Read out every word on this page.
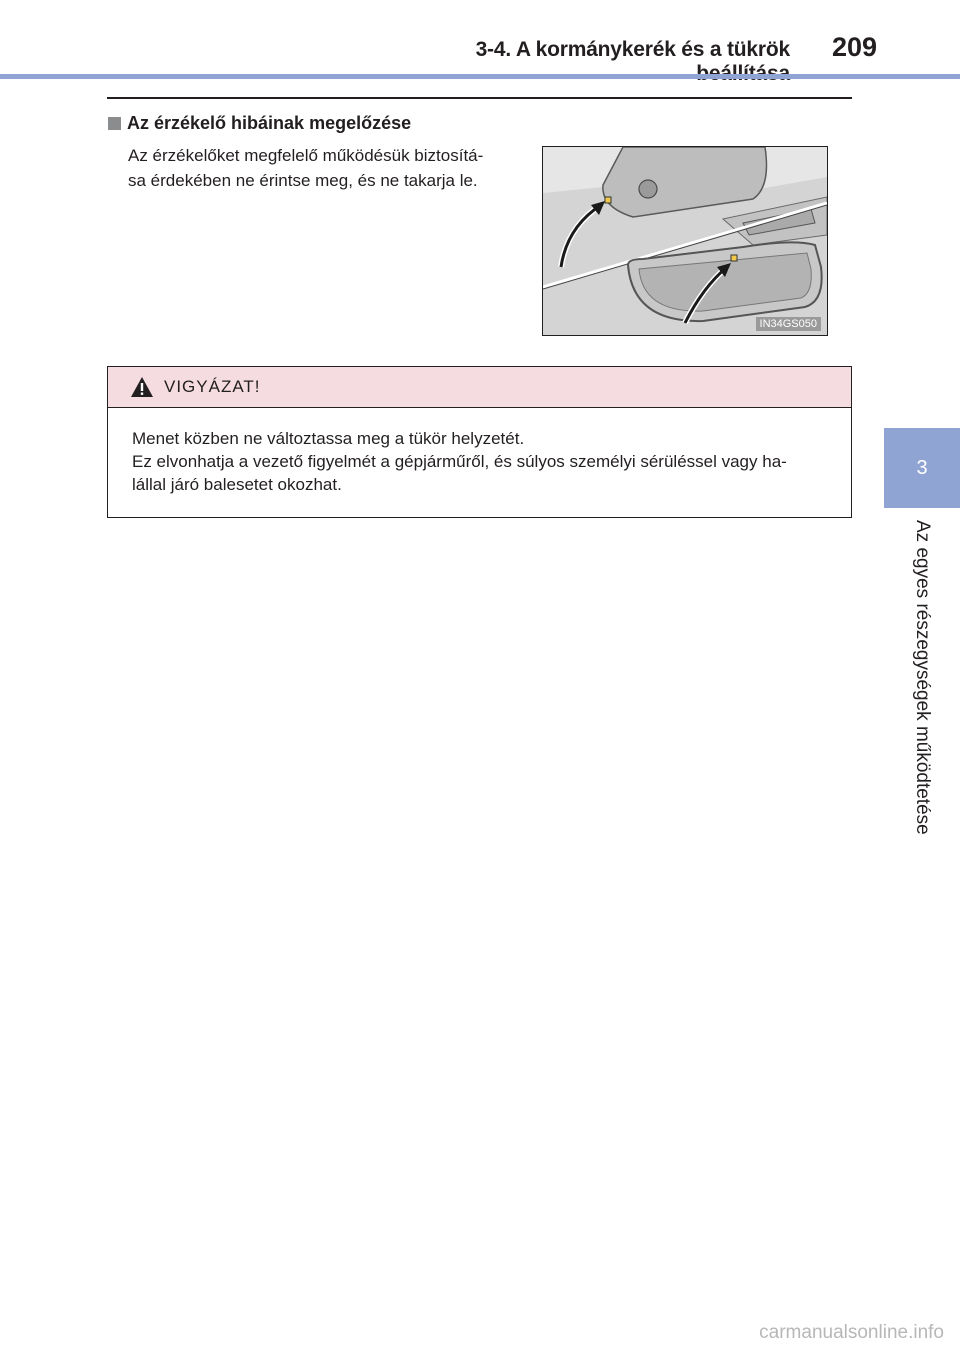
3-4. A kormánykerék és a tükrök 209
3
Az egyes részegységek működtetése
Az érzékelő hibáinak megelőzése
Az érzékelőket megfelelő működésük biztosítá-
sa érdekében ne érintse meg, és ne takarja le.
IN34GS050
VIGYÁZAT!

Menet közben ne változtassa meg a tükör helyzetét.

Ez elvonhatja a vezető figyelmét a gépjárműről, és súlyos személyi sérüléssel vagy ha-

lállal járó balesetet okozhat.

carmanualsonline.info
